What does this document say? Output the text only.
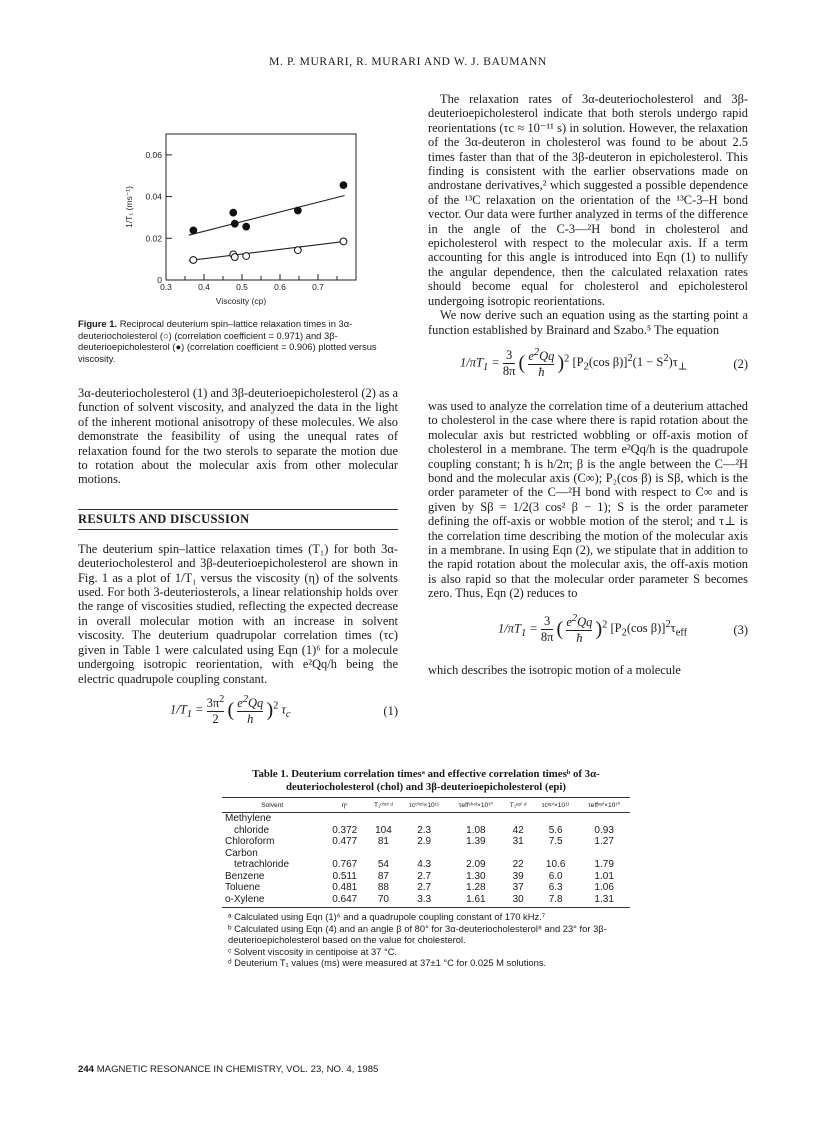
M. P. MURARI, R. MURARI AND W. J. BAUMANN
0.3	0.4	0.5	0.6	0.7
0
0.02
0.04
0.06
Viscosity (cp)
1/T₁ (ms⁻¹)
Figure 1. Reciprocal deuterium spin–lattice relaxation times in 3α-deuteriocholesterol (○) (correlation coefficient = 0.971) and 3β-deuterioepicholesterol (●) (correlation coefficient = 0.906) plotted versus viscosity.

3α-deuteriocholesterol (1) and 3β-deuterioepicholesterol (2) as a function of solvent viscosity, and analyzed the data in the light of the inherent motional anisotropy of these molecules. We also demonstrate the feasibility of using the unequal rates of relaxation found for the two sterols to separate the motion due to rotation about the molecular axis from other molecular motions.

RESULTS AND DISCUSSION

The deuterium spin–lattice relaxation times (T₁) for both 3α-deuteriocholesterol and 3β-deuterioepicholesterol are shown in Fig. 1 as a plot of 1/T₁ versus the viscosity (η) of the solvents used. For both 3-deuteriosterols, a linear relationship holds over the range of viscosities studied, reflecting the expected decrease in overall molecular motion with an increase in solvent viscosity. The deuterium quadrupolar correlation times (τc) given in Table 1 were calculated using Eqn (1)⁶ for a molecule undergoing isotropic reorientation, with e²Qq/h being the electric quadrupole coupling constant.

$1/T_1 = \frac{3\pi^2}{2}$ ( $\frac{e^2Qq}{h} )^2$ $\tau_c$	(1)

The relaxation rates of 3α-deuteriocholesterol and 3β-deuterioepicholesterol indicate that both sterols undergo rapid reorientations (τc ≈ 10⁻¹¹ s) in solution. However, the relaxation of the 3α-deuteron in cholesterol was found to be about 2.5 times faster than that of the 3β-deuteron in epicholesterol. This finding is consistent with the earlier observations made on androstane derivatives,² which suggested a possible dependence of the ¹³C relaxation on the orientation of the ¹³C-3–H bond vector. Our data were further analyzed in terms of the difference in the angle of the C-3—²H bond in cholesterol and epicholesterol with respect to the molecular axis. If a term accounting for this angle is introduced into Eqn (1) to nullify the angular dependence, then the calculated relaxation rates should become equal for cholesterol and epicholesterol undergoing isotropic reorientations.

We now derive such an equation using as the starting point a function established by Brainard and Szabo.⁵ The equation

$1/\pi T_1 = \frac{3}{8\pi}$ ( $\frac{e^2Qq}{ħ} )^2$ [$P_2(\cos$ $\beta)]^2(1 - S^2)\tau_\perp$	(2)

was used to analyze the correlation time of a deuterium attached to cholesterol in the case where there is rapid rotation about the molecular axis but restricted wobbling or off-axis motion of cholesterol in a membrane. The term e²Qq/h is the quadrupole coupling constant; ħ is h/2π; β is the angle between the C—²H bond and the molecular axis (C∞); P₂(cos β) is Sβ, which is the order parameter of the C—²H bond with respect to C∞ and is given by Sβ = 1/2(3 cos² β − 1); S is the order parameter defining the off-axis or wobble motion of the sterol; and τ⊥ is the correlation time describing the motion of the molecular axis in a membrane. In using Eqn (2), we stipulate that in addition to the rapid rotation about the molecular axis, the off-axis motion is also rapid so that the molecular order parameter S becomes zero. Thus, Eqn (2) reduces to

$1/\pi T_1 = \frac{3}{8\pi}$ ( $\frac{e^2Qq}{ħ} )^2$ [$P_2(\cos$ $\beta)]^2\tau_{eff}$	(3)

which describes the isotropic motion of a molecule

Table 1. Deuterium correlation timesᵃ and effective correlation timesᵇ of 3α-deuteriocholesterol (chol) and 3β-deuterioepicholesterol (epi)
Solvent	ηᶜ	T₁ᶜʰᵒˡ ᵈ	τcᶜʰᵒˡ×10¹¹	τeffᶜʰᵒˡ×10¹⁰	T₁ᵉᵖⁱ ᵈ	τcᵉᵖⁱ×10¹¹	τeffᵉᵖⁱ×10¹⁰
Methylene							
chloride	0.372	104	2.3	1.08	42	5.6	0.93
Chloroform	0.477	81	2.9	1.39	31	7.5	1.27
Carbon							
tetrachloride	0.767	54	4.3	2.09	22	10.6	1.79
Benzene	0.511	87	2.7	1.30	39	6.0	1.01
Toluene	0.481	88	2.7	1.28	37	6.3	1.06
o-Xylene	0.647	70	3.3	1.61	30	7.8	1.31
ᵃ Calculated using Eqn (1)⁶ and a quadrupole coupling constant of 170 kHz.⁷
ᵇ Calculated using Eqn (4) and an angle β of 80° for 3α-deuteriocholesterol⁸ and 23° for 3β-deuterioepicholesterol based on the value for cholesterol.
ᶜ Solvent viscosity in centipoise at 37 °C.
ᵈ Deuterium T₁ values (ms) were measured at 37±1 °C for 0.025 M solutions.
244 MAGNETIC RESONANCE IN CHEMISTRY, VOL. 23, NO. 4, 1985
